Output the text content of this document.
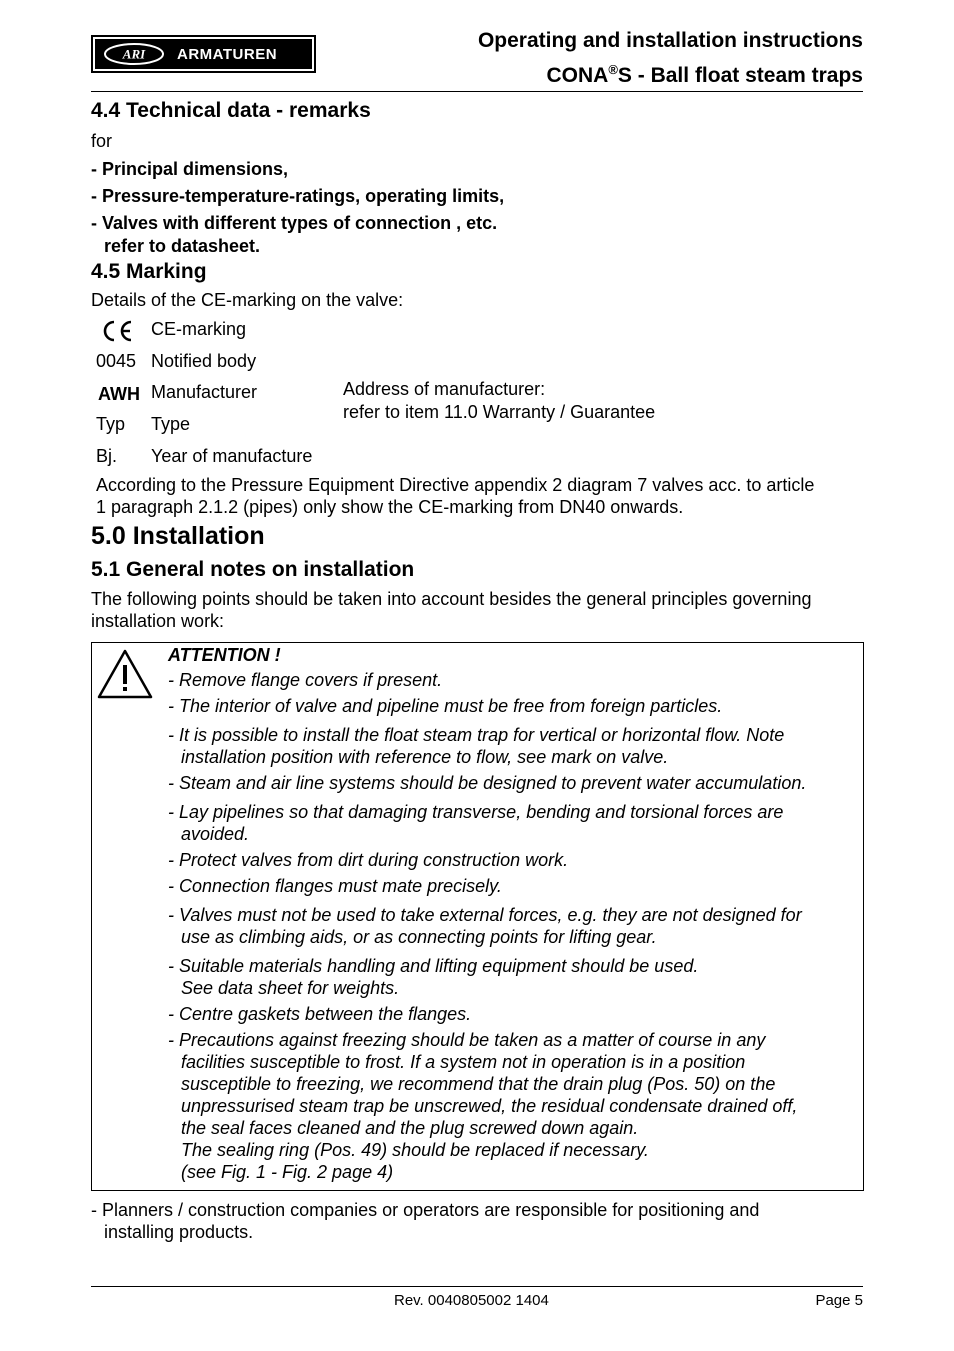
ARI ARMATUREN
Operating and installation instructions
CONA®S - Ball float steam traps
4.4 Technical data - remarks
for
- Principal dimensions,
- Pressure-temperature-ratings, operating limits,
- Valves with different types of connection , etc.
refer to datasheet.
4.5 Marking
Details of the CE-marking on the valve:
CE-marking
0045 Notified body
AWH Manufacturer
Typ Type
Bj. Year of manufacture
Address of manufacturer:
refer to item 11.0 Warranty / Guarantee
According to the Pressure Equipment Directive appendix 2 diagram 7 valves acc. to article
1 paragraph 2.1.2 (pipes) only show the CE-marking from DN40 onwards.
5.0 Installation
5.1 General notes on installation
The following points should be taken into account besides the general principles governing
installation work:
ATTENTION !
- Remove flange covers if present.
- The interior of valve and pipeline must be free from foreign particles.
- It is possible to install the float steam trap for vertical or horizontal flow. Note
installation position with reference to flow, see mark on valve.
- Steam and air line systems should be designed to prevent water accumulation.
- Lay pipelines so that damaging transverse, bending and torsional forces are
avoided.
- Protect valves from dirt during construction work.
- Connection flanges must mate precisely.
- Valves must not be used to take external forces, e.g. they are not designed for
use as climbing aids, or as connecting points for lifting gear.
- Suitable materials handling and lifting equipment should be used.
See data sheet for weights.
- Centre gaskets between the flanges.
- Precautions against freezing should be taken as a matter of course in any
facilities susceptible to frost. If a system not in operation is in a position
susceptible to freezing, we recommend that the drain plug (Pos. 50) on the
unpressurised steam trap be unscrewed, the residual condensate drained off,
the seal faces cleaned and the plug screwed down again.
The sealing ring (Pos. 49) should be replaced if necessary.
(see Fig. 1 - Fig. 2 page 4)
- Planners / construction companies or operators are responsible for positioning and
installing products.
Rev. 0040805002 1404	Page 5
